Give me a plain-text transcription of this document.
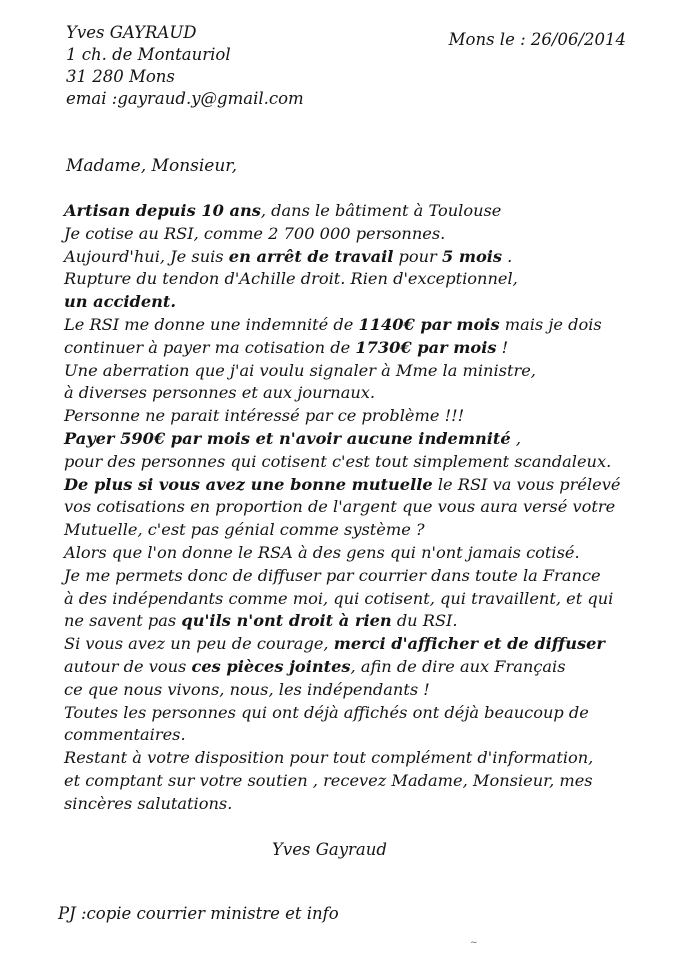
Yves GAYRAUD
1 ch. de Montauriol
31 280 Mons
emai :gayraud.y@gmail.com
Mons le : 26/06/2014
Madame, Monsieur,
Artisan depuis 10 ans, dans le bâtiment à Toulouse
Je cotise au RSI, comme 2 700 000 personnes.
Aujourd'hui, Je suis en arrêt de travail pour 5 mois .
Rupture du tendon d'Achille droit. Rien d'exceptionnel,
un accident.
Le RSI me donne une indemnité de 1140€ par mois mais je dois
continuer à payer ma cotisation de 1730€ par mois !
Une aberration que j'ai voulu signaler à Mme la ministre,
à diverses personnes et aux journaux.
Personne ne parait intéressé par ce problème !!!
Payer 590€ par mois et n'avoir aucune indemnité ,
pour des personnes qui cotisent c'est tout simplement scandaleux.
De plus si vous avez une bonne mutuelle le RSI va vous prélevé
vos cotisations en proportion de l'argent que vous aura versé votre
Mutuelle, c'est pas génial comme système ?
Alors que l'on donne le RSA à des gens qui n'ont jamais cotisé.
Je me permets donc de diffuser par courrier dans toute la France
à des indépendants comme moi, qui cotisent, qui travaillent, et qui
ne savent pas qu'ils n'ont droit à rien du RSI.
Si vous avez un peu de courage, merci d'afficher et de diffuser
autour de vous ces pièces jointes, afin de dire aux Français
ce que nous vivons, nous, les indépendants !
Toutes les personnes qui ont déjà affichés ont déjà beaucoup de
commentaires.
Restant à votre disposition pour tout complément d'information,
et comptant sur votre soutien , recevez Madame, Monsieur, mes
sincères salutations.
Yves Gayraud
PJ :copie courrier ministre et info
~
